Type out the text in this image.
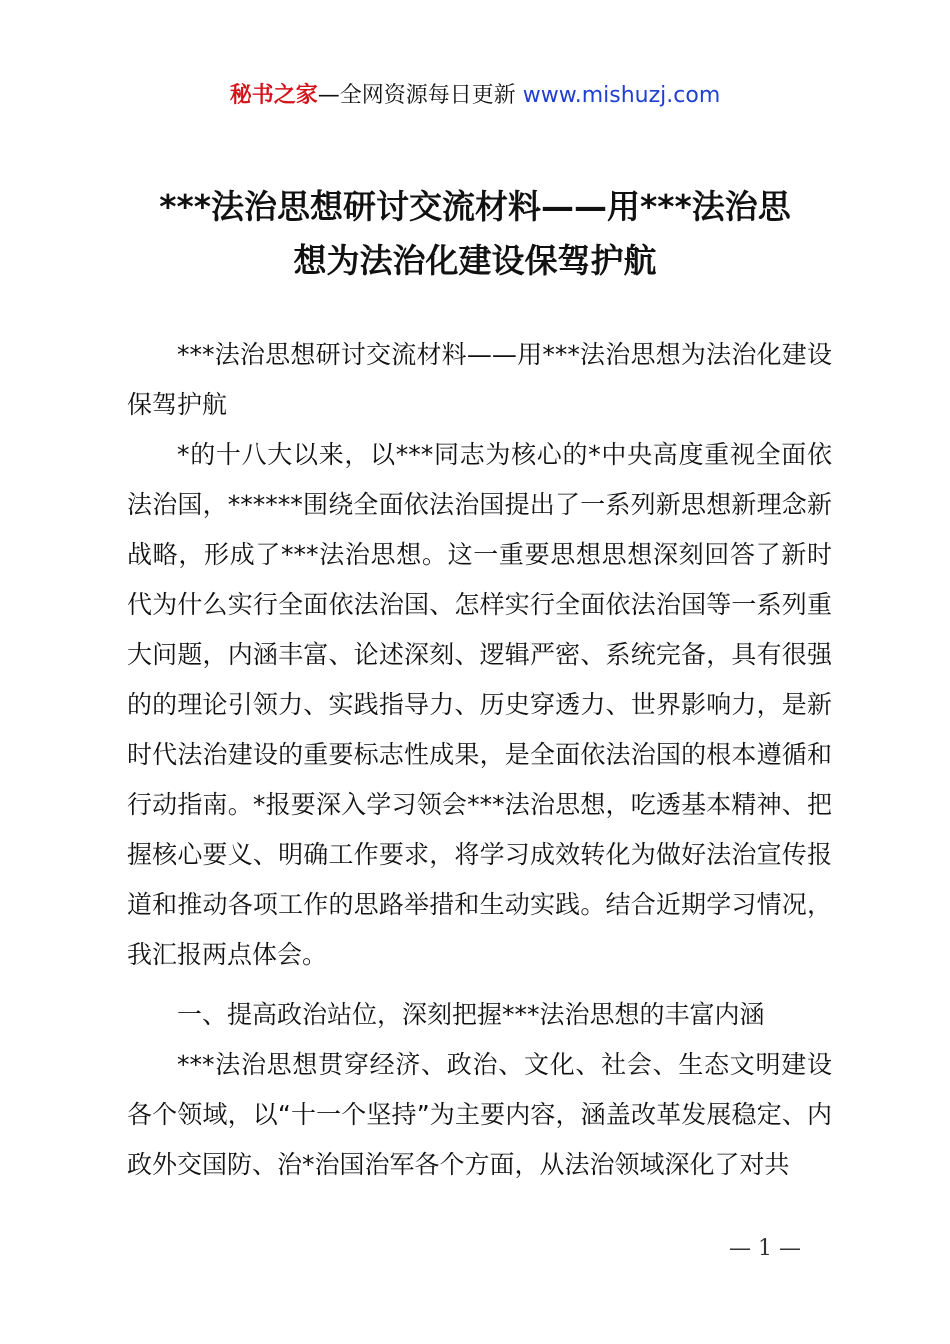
秘书之家—全网资源每日更新 www.mishuzj.com
***法治思想研讨交流材料——用***法治思
想为法治化建设保驾护航

***法治思想研讨交流材料——用***法治思想为法治化建设保驾护航

*的十八大以来，以***同志为核心的*中央高度重视全面依法治国，******围绕全面依法治国提出了一系列新思想新理念新战略，形成了***法治思想。这一重要思想思想深刻回答了新时代为什么实行全面依法治国、怎样实行全面依法治国等一系列重大问题，内涵丰富、论述深刻、逻辑严密、系统完备，具有很强的的理论引领力、实践指导力、历史穿透力、世界影响力，是新时代法治建设的重要标志性成果，是全面依法治国的根本遵循和行动指南。*报要深入学习领会***法治思想，吃透基本精神、把握核心要义、明确工作要求，将学习成效转化为做好法治宣传报道和推动各项工作的思路举措和生动实践。结合近期学习情况，我汇报两点体会。

一、提高政治站位，深刻把握***法治思想的丰富内涵

***法治思想贯穿经济、政治、文化、社会、生态文明建设各个领域，以“十一个坚持”为主要内容，涵盖改革发展稳定、内政外交国防、治*治国治军各个方面，从法治领域深化了对共

— 1 —
